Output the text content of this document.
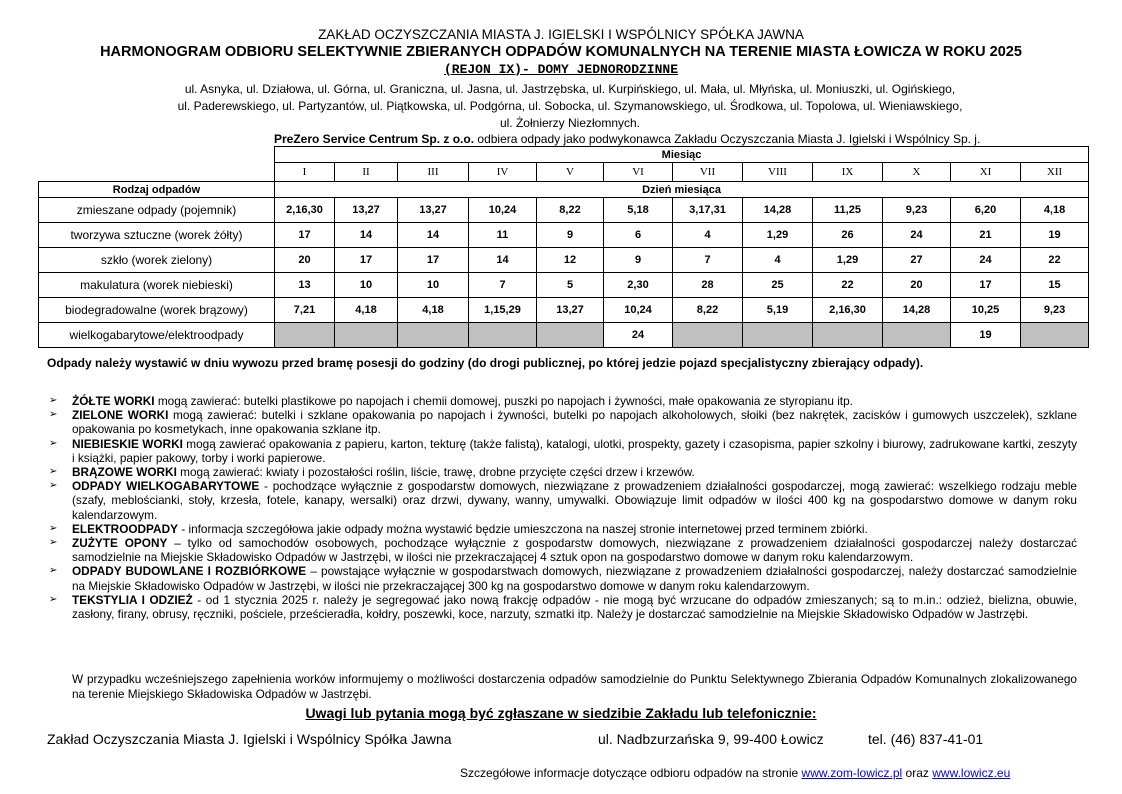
ZAKŁAD OCZYSZCZANIA MIASTA J. IGIELSKI I WSPÓLNICY SPÓŁKA JAWNA
HARMONOGRAM ODBIORU SELEKTYWNIE ZBIERANYCH ODPADÓW KOMUNALNYCH NA TERENIE MIASTA ŁOWICZA W ROKU 2025
(REJON IX)- DOMY JEDNORODZINNE
ul. Asnyka, ul. Działowa, ul. Górna, ul. Graniczna, ul. Jasna, ul. Jastrzębska, ul. Kurpińskiego, ul. Mała, ul. Młyńska, ul. Moniuszki, ul. Ogińskiego,
ul. Paderewskiego, ul. Partyzantów, ul. Piątkowska, ul. Podgórna, ul. Sobocka, ul. Szymanowskiego, ul. Środkowa, ul. Topolowa, ul. Wieniawskiego,
ul. Żołnierzy Niezłomnych.
PreZero Service Centrum Sp. z o.o. odbiera odpady jako podwykonawca Zakładu Oczyszczania Miasta J. Igielski i Wspólnicy Sp. j.
	Miesiąc											
	I	II	III	IV	V	VI	VII	VIII	IX	X	XI	XII
Rodzaj odpadów	Dzień miesiąca											
zmieszane odpady (pojemnik)	2,16,30	13,27	13,27	10,24	8,22	5,18	3,17,31	14,28	11,25	9,23	6,20	4,18
tworzywa sztuczne (worek żółty)	17	14	14	11	9	6	4	1,29	26	24	21	19
szkło (worek zielony)	20	17	17	14	12	9	7	4	1,29	27	24	22
makulatura (worek niebieski)	13	10	10	7	5	2,30	28	25	22	20	17	15
biodegradowalne (worek brązowy)	7,21	4,18	4,18	1,15,29	13,27	10,24	8,22	5,19	2,16,30	14,28	10,25	9,23
wielkogabarytowe/elektroodpady						24					19	
Odpady należy wystawić w dniu wywozu przed bramę posesji do godziny (do drogi publicznej, po której jedzie pojazd specjalistyczny zbierający odpady).
➢ ŻÓŁTE WORKI mogą zawierać: butelki plastikowe po napojach i chemii domowej, puszki po napojach i żywności, małe opakowania ze styropianu itp.
➢ ZIELONE WORKI mogą zawierać: butelki i szklane opakowania po napojach i żywności, butelki po napojach alkoholowych, słoiki (bez nakrętek, zacisków i gumowych uszczelek), szklane opakowania po kosmetykach, inne opakowania szklane itp.
➢ NIEBIESKIE WORKI mogą zawierać opakowania z papieru, karton, tekturę (także falistą), katalogi, ulotki, prospekty, gazety i czasopisma, papier szkolny i biurowy, zadrukowane kartki, zeszyty i książki, papier pakowy, torby i worki papierowe.
➢ BRĄZOWE WORKI mogą zawierać: kwiaty i pozostałości roślin, liście, trawę, drobne przycięte części drzew i krzewów.
➢ ODPADY WIELKOGABARYTOWE - pochodzące wyłącznie z gospodarstw domowych, niezwiązane z prowadzeniem działalności gospodarczej, mogą zawierać: wszelkiego rodzaju meble (szafy, meblościanki, stoły, krzesła, fotele, kanapy, wersalki) oraz drzwi, dywany, wanny, umywalki. Obowiązuje limit odpadów w ilości 400 kg na gospodarstwo domowe w danym roku kalendarzowym.
➢ ELEKTROODPADY - informacja szczegółowa jakie odpady można wystawić będzie umieszczona na naszej stronie internetowej przed terminem zbiórki.
➢ ZUŻYTE OPONY – tylko od samochodów osobowych, pochodzące wyłącznie z gospodarstw domowych, niezwiązane z prowadzeniem działalności gospodarczej należy dostarczać samodzielnie na Miejskie Składowisko Odpadów w Jastrzębi, w ilości nie przekraczającej 4 sztuk opon na gospodarstwo domowe w danym roku kalendarzowym.
➢ ODPADY BUDOWLANE I ROZBIÓRKOWE – powstające wyłącznie w gospodarstwach domowych, niezwiązane z prowadzeniem działalności gospodarczej, należy dostarczać samodzielnie na Miejskie Składowisko Odpadów w Jastrzębi, w ilości nie przekraczającej 300 kg na gospodarstwo domowe w danym roku kalendarzowym.
➢ TEKSTYLIA I ODZIEŻ - od 1 stycznia 2025 r. należy je segregować jako nową frakcję odpadów - nie mogą być wrzucane do odpadów zmieszanych; są to m.in.: odzież, bielizna, obuwie, zasłony, firany, obrusy, ręczniki, pościele, prześcieradła, kołdry, poszewki, koce, narzuty, szmatki itp. Należy je dostarczać samodzielnie na Miejskie Składowisko Odpadów w Jastrzębi.
W przypadku wcześniejszego zapełnienia worków informujemy o możliwości dostarczenia odpadów samodzielnie do Punktu Selektywnego Zbierania Odpadów Komunalnych zlokalizowanego na terenie Miejskiego Składowiska Odpadów w Jastrzębi.
Uwagi lub pytania mogą być zgłaszane w siedzibie Zakładu lub telefonicznie:
Zakład Oczyszczania Miasta J. Igielski i Wspólnicy Spółka Jawna	ul. Nadbzurzańska 9, 99-400 Łowicz	tel. (46) 837-41-01
Szczegółowe informacje dotyczące odbioru odpadów na stronie www.zom-lowicz.pl oraz www.lowicz.eu
